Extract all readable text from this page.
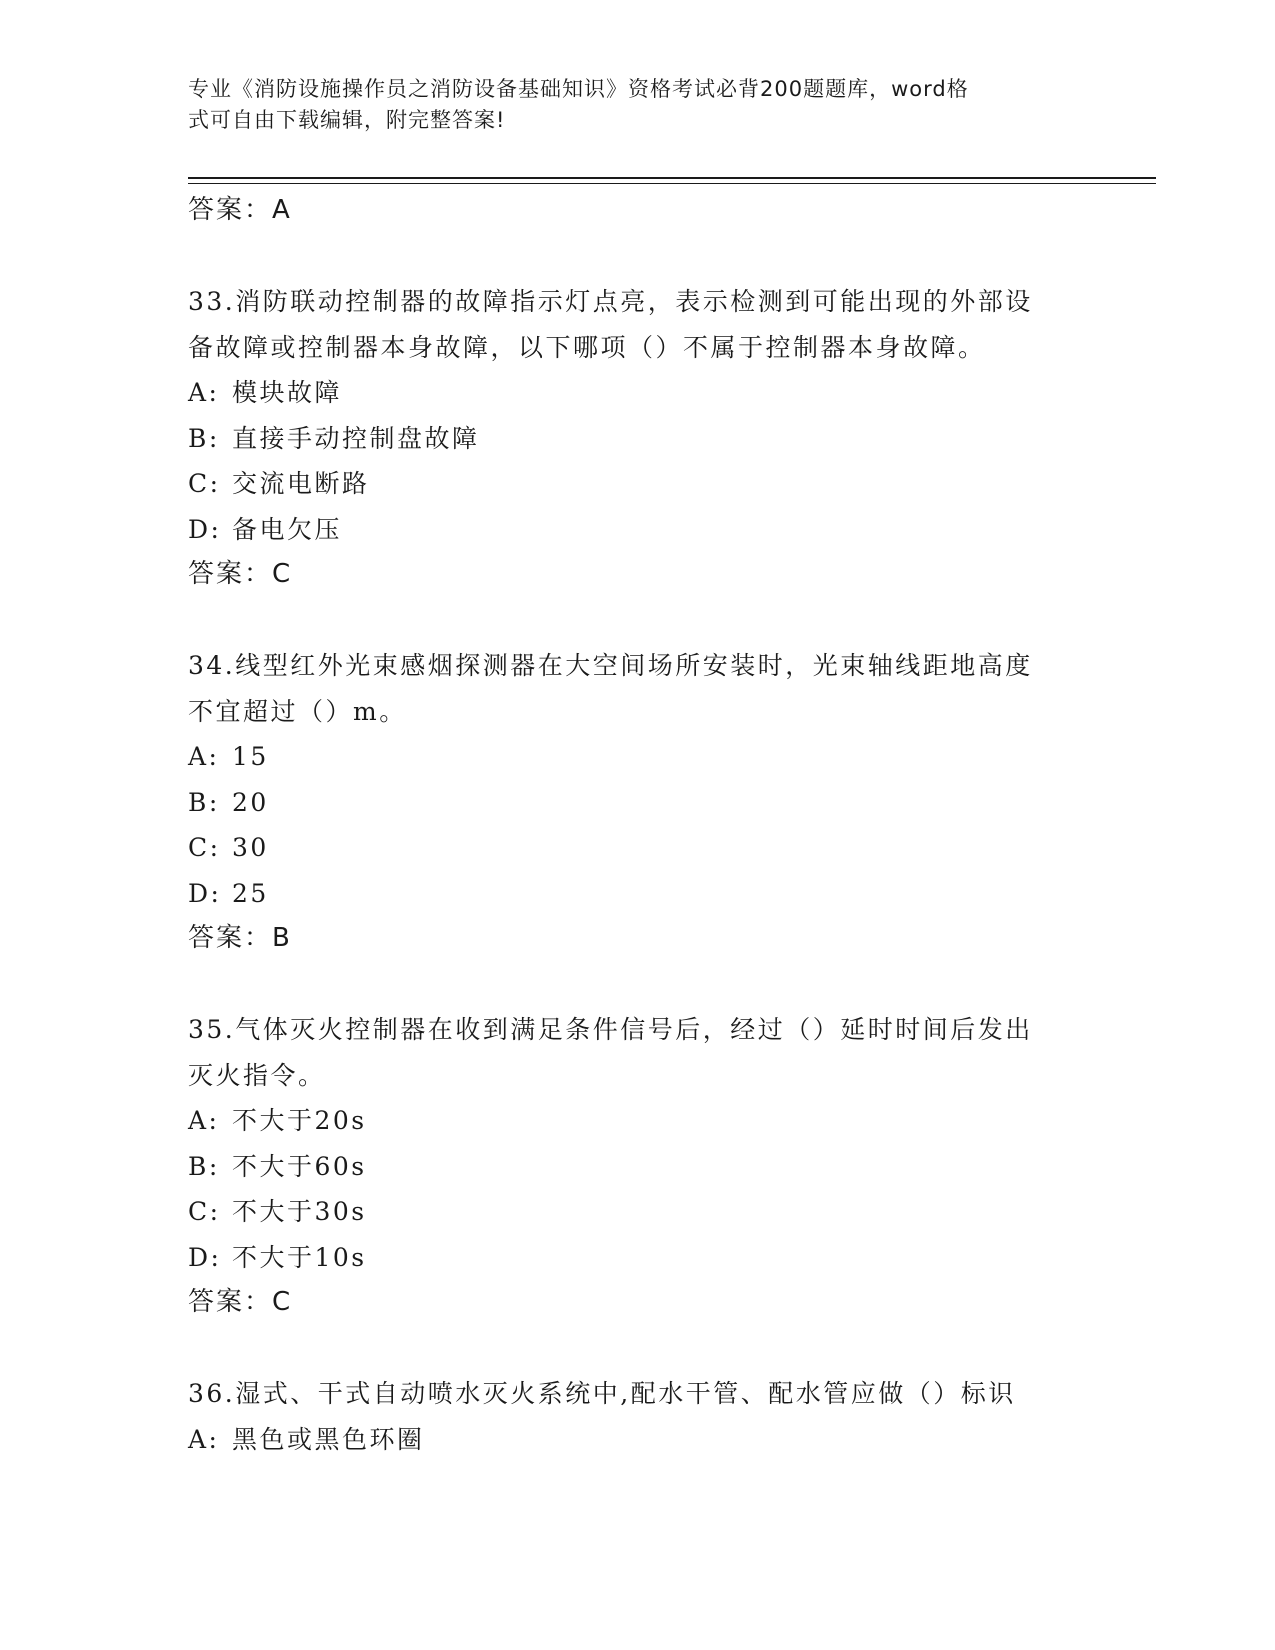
专业《消防设施操作员之消防设备基础知识》资格考试必背200题题库，word格
式可自由下载编辑，附完整答案!
答案：A
33.消防联动控制器的故障指示灯点亮，表示检测到可能出现的外部设
备故障或控制器本身故障，以下哪项（）不属于控制器本身故障。
A: 模块故障
B: 直接手动控制盘故障
C: 交流电断路
D: 备电欠压
答案：C
34.线型红外光束感烟探测器在大空间场所安装时，光束轴线距地高度
不宜超过（）m。
A: 15
B: 20
C: 30
D: 25
答案：B
35.气体灭火控制器在收到满足条件信号后，经过（）延时时间后发出
灭火指令。
A: 不大于20s
B: 不大于60s
C: 不大于30s
D: 不大于10s
答案：C
36.湿式、干式自动喷水灭火系统中,配水干管、配水管应做（）标识
A: 黑色或黑色环圈
